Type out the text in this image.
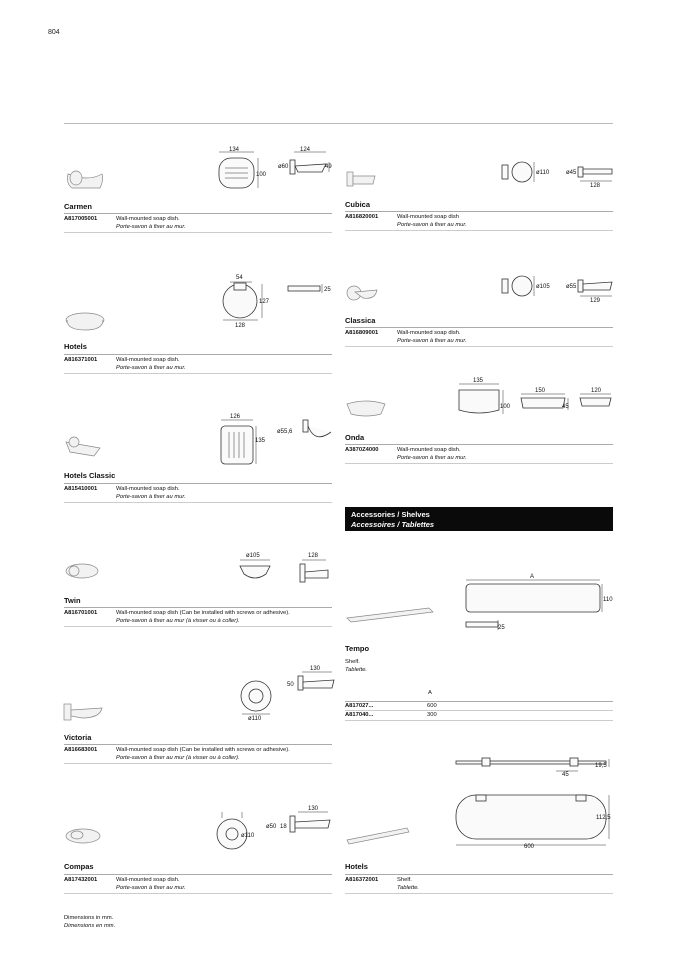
804
134
100
124
ø60	49
Carmen
A817005001	Wall-mounted soap dish.
Porte-savon à fixer au mur.
54
127
128
25
Hotels
A816371001	Wall-mounted soap dish.
Porte-savon à fixer au mur.
126
135
ø55,6
Hotels Classic
A815410001	Wall-mounted soap dish.
Porte-savon à fixer au mur.
ø105	128
Twin
A816701001	Wall-mounted soap dish (Can be installed with screws or adhesive).
Porte-savon à fixer au mur (à visser ou à coller).
130
50
ø110
Victoria
A816683001	Wall-mounted soap dish (Can be installed with screws or adhesive).
Porte-savon à fixer au mur (à visser ou à coller).
ø110
130
ø50 18
Compas
A817432001	Wall-mounted soap dish.
Porte-savon à fixer au mur.
ø110	ø45
128
Cubica
A816820001	Wall-mounted soap dish
Porte-savon à fixer au mur.
ø105	ø55
129
Classica
A816809001	Wall-mounted soap dish.
Porte-savon à fixer au mur.
135
100
150
45
120
Onda
A3870Z4000	Wall-mounted soap dish.
Porte-savon à fixer au mur.
Accessories / Shelves
Accessoires / Tablettes
A
110
25
Tempo
Shelf.
Tablette.
A
A817027...	600
A817040...	300
19,5
45
112,5
600
Hotels
A816372001	Shelf.
Tablette.
Dimensions in mm.
Dimensions en mm.
